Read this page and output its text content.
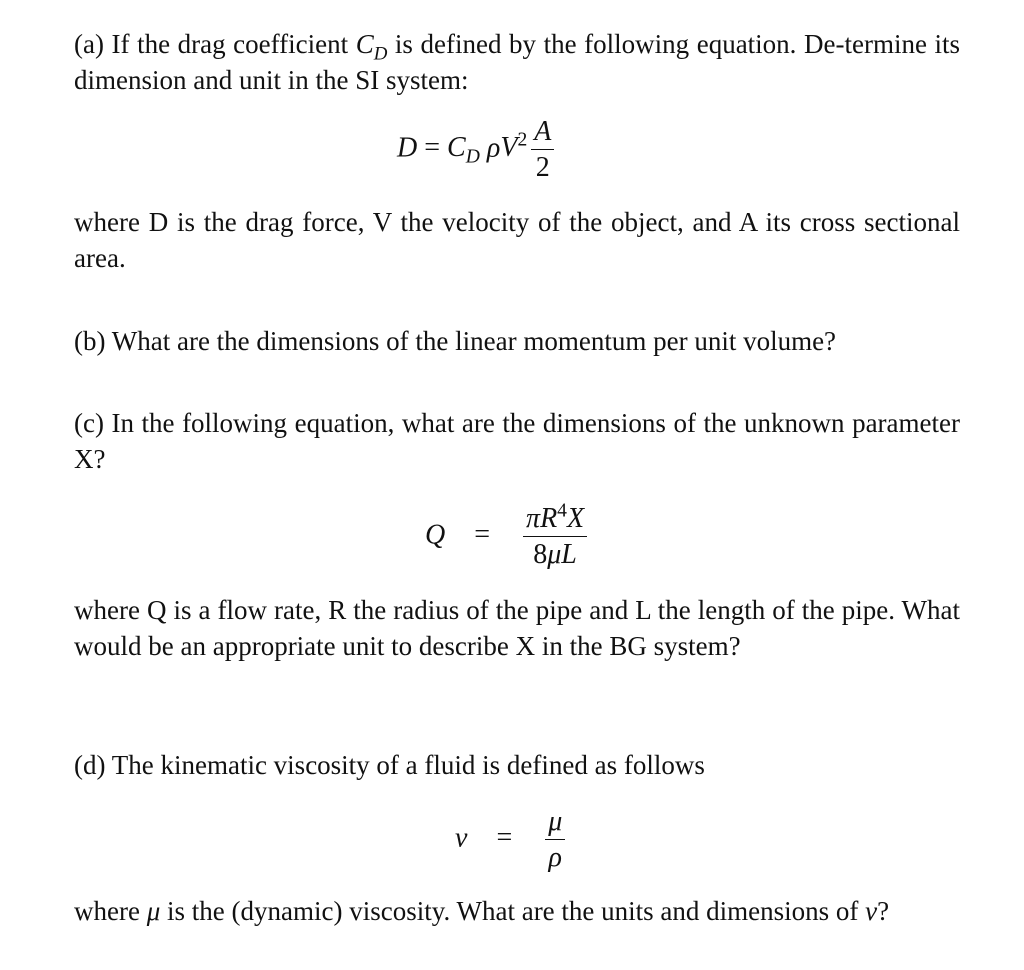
(a) If the drag coefficient $C_D$ is defined by the following equation. De-termine its dimension and unit in the SI system:

$D = C_D$ $\rho V^2 \frac{A}{2}$

where D is the drag force, V the velocity of the object, and A its cross sectional area.

(b) What are the dimensions of the linear momentum per unit volume?

(c) In the following equation, what are the dimensions of the unknown parameter X?

$Q = \frac{\pi R^4X}{8\mu L}$

where Q is a flow rate, R the radius of the pipe and L the length of the pipe. What would be an appropriate unit to describe X in the BG system?

(d) The kinematic viscosity of a fluid is defined as follows

$\nu = \frac{\mu}{\rho}$

where μ is the (dynamic) viscosity. What are the units and dimensions of ν?
